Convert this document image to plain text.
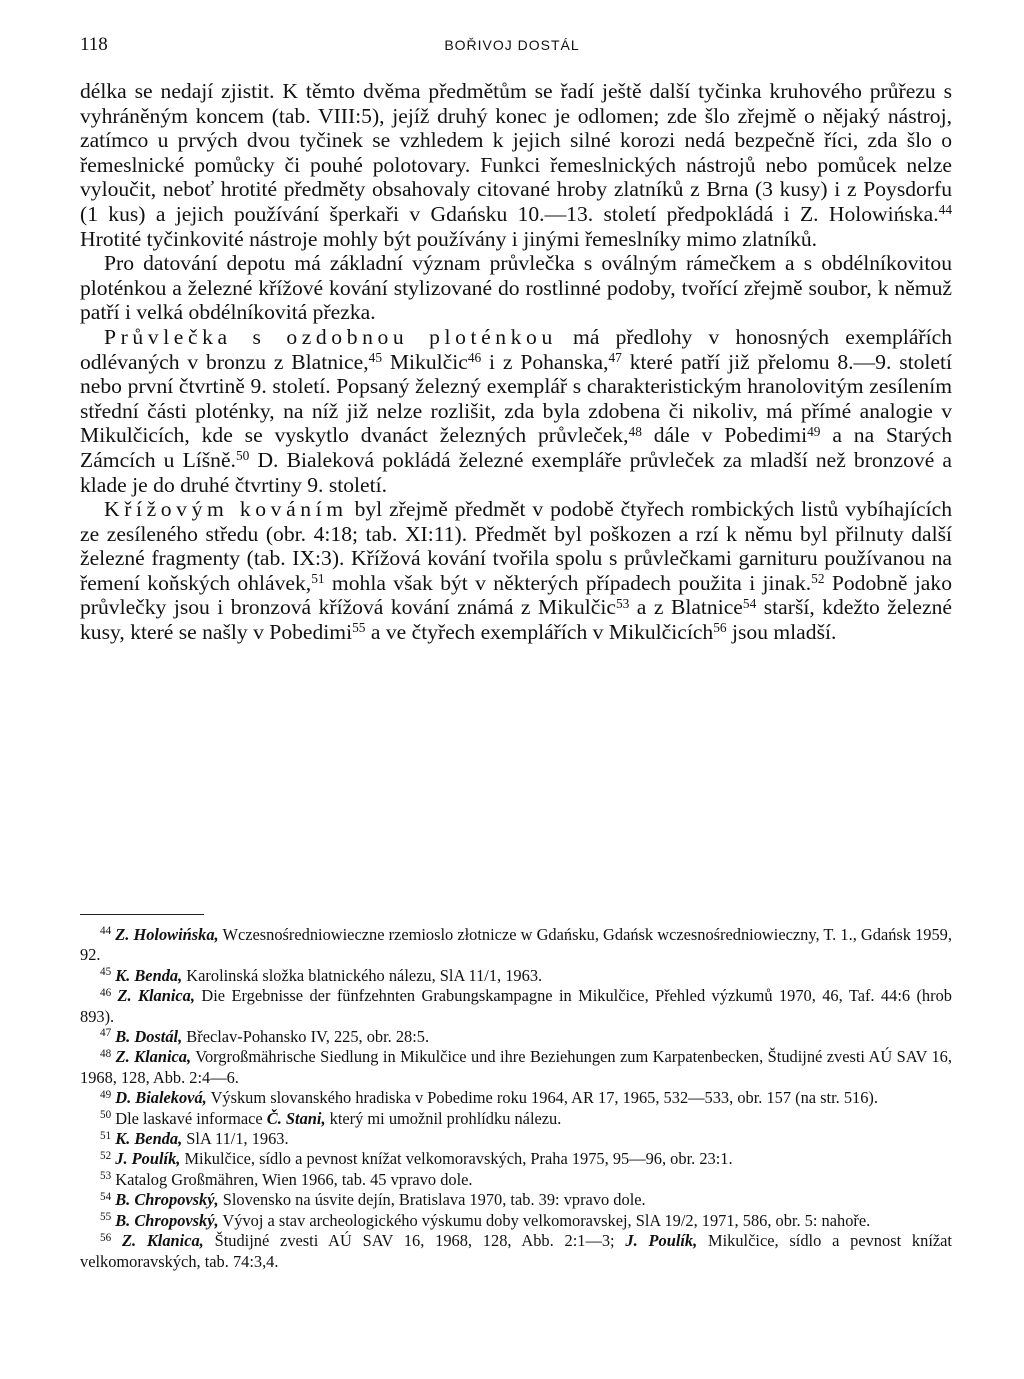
118	BOŘIVOJ DOSTÁL

délka se nedají zjistit. K těmto dvěma předmětům se řadí ještě další tyčinka kruhového průřezu s vyhráněným koncem (tab. VIII:5), jejíž druhý konec je odlomen; zde šlo zřejmě o nějaký nástroj, zatímco u prvých dvou tyčinek se vzhledem k jejich silné korozi nedá bezpečně říci, zda šlo o řemeslnické pomůcky či pouhé polotovary. Funkci řemeslnických nástrojů nebo pomůcek nelze vyloučit, neboť hrotité předměty obsahovaly citované hroby zlatníků z Brna (3 kusy) i z Poysdorfu (1 kus) a jejich používání šperkaři v Gdańsku 10.—13. století předpokládá i Z. Holowińska.$^{44}$ Hrotité tyčinkovité nástroje mohly být používány i jinými řemeslníky mimo zlatníků.

Pro datování depotu má základní význam průvlečka s oválným rámečkem a s obdélníkovitou ploténkou a železné křížové kování stylizované do rostlinné podoby, tvořící zřejmě soubor, k němuž patří i velká obdélníkovitá přezka.

Průvlečka s ozdobnou ploténkou má předlohy v honosných exemplářích odlévaných v bronzu z Blatnice,$^{45}$ Mikulčic$^{46}$ i z Pohanska,$^{47}$ které patří již přelomu 8.—9. století nebo první čtvrtině 9. století. Popsaný železný exemplář s charakteristickým hranolovitým zesílením střední části ploténky, na níž již nelze rozlišit, zda byla zdobena či nikoliv, má přímé analogie v Mikulčicích, kde se vyskytlo dvanáct železných průvleček,$^{48}$ dále v Pobedimi$^{49}$ a na Starých Zámcích u Líšně.$^{50}$ D. Bialeková pokládá železné exempláře průvleček za mladší než bronzové a klade je do druhé čtvrtiny 9. století.

Křížovým kováním byl zřejmě předmět v podobě čtyřech rombických listů vybíhajících ze zesíleného středu (obr. 4:18; tab. XI:11). Předmět byl poškozen a rzí k němu byl přilnuty další železné fragmenty (tab. IX:3). Křížová kování tvořila spolu s průvlečkami garnituru používanou na řemení koňských ohlávek,$^{51}$ mohla však být v některých případech použita i jinak.$^{52}$ Podobně jako průvlečky jsou i bronzová křížová kování známá z Mikulčic$^{53}$ a z Blatnice$^{54}$ starší, kdežto železné kusy, které se našly v Pobedimi$^{55}$ a ve čtyřech exemplářích v Mikulčicích$^{56}$ jsou mladší.

$^{44}$ Z. Holowińska, Wczesnośredniowieczne rzemioslo złotnicze w Gdańsku, Gdańsk wczesnośredniowieczny, T. 1., Gdańsk 1959, 92.

$^{45}$ K. Benda, Karolinská složka blatnického nálezu, SlA 11/1, 1963.

$^{46}$ Z. Klanica, Die Ergebnisse der fünfzehnten Grabungskampagne in Mikulčice, Přehled výzkumů 1970, 46, Taf. 44:6 (hrob 893).

$^{47}$ B. Dostál, Břeclav-Pohansko IV, 225, obr. 28:5.

$^{48}$ Z. Klanica, Vorgroßmährische Siedlung in Mikulčice und ihre Beziehungen zum Karpatenbecken, Študijné zvesti AÚ SAV 16, 1968, 128, Abb. 2:4—6.

$^{49}$ D. Bialeková, Výskum slovanského hradiska v Pobedime roku 1964, AR 17, 1965, 532—533, obr. 157 (na str. 516).

$^{50}$ Dle laskavé informace Č. Stani, který mi umožnil prohlídku nálezu.

$^{51}$ K. Benda, SlA 11/1, 1963.

$^{52}$ J. Poulík, Mikulčice, sídlo a pevnost knížat velkomoravských, Praha 1975, 95—96, obr. 23:1.

$^{53}$ Katalog Großmähren, Wien 1966, tab. 45 vpravo dole.

$^{54}$ B. Chropovský, Slovensko na úsvite dejín, Bratislava 1970, tab. 39: vpravo dole.

$^{55}$ B. Chropovský, Vývoj a stav archeologického výskumu doby velkomoravskej, SlA 19/2, 1971, 586, obr. 5: nahoře.

$^{56}$ Z. Klanica, Študijné zvesti AÚ SAV 16, 1968, 128, Abb. 2:1—3; J. Poulík, Mikulčice, sídlo a pevnost knížat velkomoravských, tab. 74:3,4.
